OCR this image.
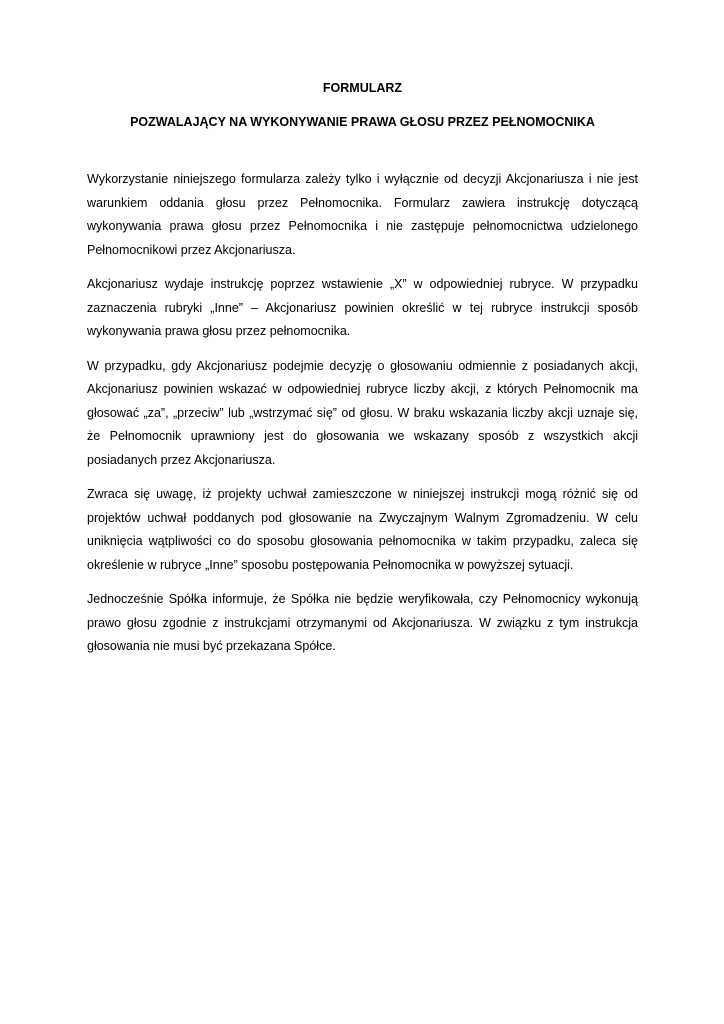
FORMULARZ

POZWALAJĄCY NA WYKONYWANIE PRAWA GŁOSU PRZEZ PEŁNOMOCNIKA

Wykorzystanie niniejszego formularza zależy tylko i wyłącznie od decyzji Akcjonariusza i nie jest warunkiem oddania głosu przez Pełnomocnika. Formularz zawiera instrukcję dotyczącą wykonywania prawa głosu przez Pełnomocnika i nie zastępuje pełnomocnictwa udzielonego Pełnomocnikowi przez Akcjonariusza.

Akcjonariusz wydaje instrukcję poprzez wstawienie „X” w odpowiedniej rubryce. W przypadku zaznaczenia rubryki „Inne” – Akcjonariusz powinien określić w tej rubryce instrukcji sposób wykonywania prawa głosu przez pełnomocnika.

W przypadku, gdy Akcjonariusz podejmie decyzję o głosowaniu odmiennie z posiadanych akcji, Akcjonariusz powinien wskazać w odpowiedniej rubryce liczby akcji, z których Pełnomocnik ma głosować „za”, „przeciw” lub „wstrzymać się” od głosu. W braku wskazania liczby akcji uznaje się, że Pełnomocnik uprawniony jest do głosowania we wskazany sposób z wszystkich akcji posiadanych przez Akcjonariusza.

Zwraca się uwagę, iż projekty uchwał zamieszczone w niniejszej instrukcji mogą różnić się od projektów uchwał poddanych pod głosowanie na Zwyczajnym Walnym Zgromadzeniu. W celu uniknięcia wątpliwości co do sposobu głosowania pełnomocnika w takim przypadku, zaleca się określenie w rubryce „Inne” sposobu postępowania Pełnomocnika w powyższej sytuacji.

Jednocześnie Spółka informuje, że Spółka nie będzie weryfikowała, czy Pełnomocnicy wykonują prawo głosu zgodnie z instrukcjami otrzymanymi od Akcjonariusza. W związku z tym instrukcja głosowania nie musi być przekazana Spółce.
